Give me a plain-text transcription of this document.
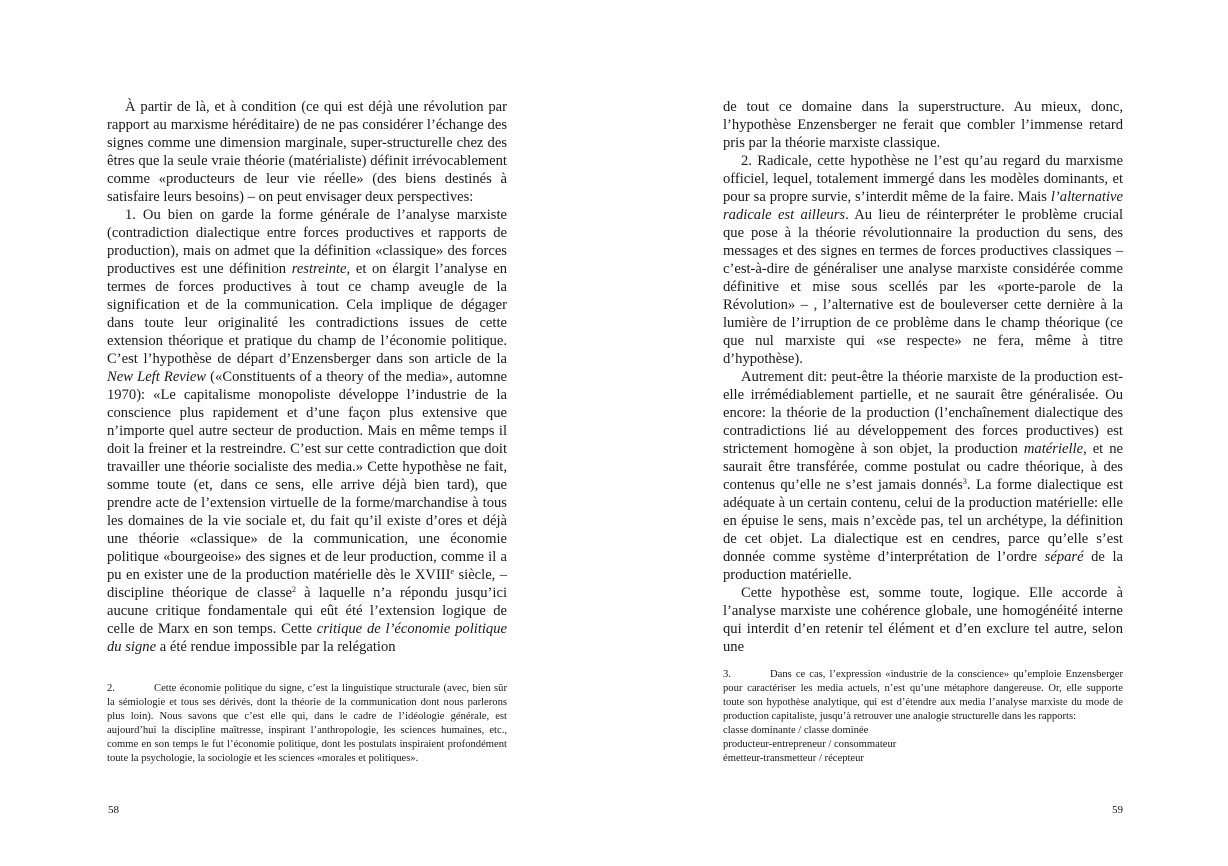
À partir de là, et à condition (ce qui est déjà une révolution par rapport au marxisme héréditaire) de ne pas considérer l’échange des signes comme une dimension marginale, super-structurelle chez des êtres que la seule vraie théorie (matérialiste) définit irrévocablement comme «producteurs de leur vie réelle» (des biens destinés à satisfaire leurs besoins) – on peut envisager deux perspectives:

1. Ou bien on garde la forme générale de l’analyse marxiste (contradiction dialectique entre forces productives et rapports de production), mais on admet que la définition «classique» des forces productives est une définition restreinte, et on élargit l’analyse en termes de forces productives à tout ce champ aveugle de la signification et de la communication. Cela implique de dégager dans toute leur originalité les contradictions issues de cette extension théorique et pratique du champ de l’économie politique. C’est l’hypothèse de départ d’Enzensberger dans son article de la New Left Review («Constituents of a theory of the media», automne 1970): «Le capitalisme monopoliste développe l’industrie de la conscience plus rapidement et d’une façon plus extensive que n’importe quel autre secteur de production. Mais en même temps il doit la freiner et la restreindre. C’est sur cette contradiction que doit travailler une théorie socialiste des media.» Cette hypothèse ne fait, somme toute (et, dans ce sens, elle arrive déjà bien tard), que prendre acte de l’extension virtuelle de la forme/marchandise à tous les domaines de la vie sociale et, du fait qu’il existe d’ores et déjà une théorie «classique» de la communication, une économie politique «bourgeoise» des signes et de leur production, comme il a pu en exister une de la production matérielle dès le XVIIIe siècle, – discipline théorique de classe$^2$ à laquelle n’a répondu jusqu’ici aucune critique fondamentale qui eût été l’extension logique de celle de Marx en son temps. Cette critique de l’économie politique du signe a été rendue impossible par la relégation

2.	Cette économie politique du signe, c’est la linguistique structurale (avec, bien sûr la sémiologie et tous ses dérivés, dont la théorie de la communication dont nous parlerons plus loin). Nous savons que c’est elle qui, dans le cadre de l’idéologie générale, est aujourd’hui la discipline maîtresse, inspirant l’anthropologie, les sciences humaines, etc., comme en son temps le fut l’économie politique, dont les postulats inspiraient profondément toute la psychologie, la sociologie et les sciences «morales et politiques».

58

de tout ce domaine dans la superstructure. Au mieux, donc, l’hypothèse Enzensberger ne ferait que combler l’immense retard pris par la théorie marxiste classique.

2. Radicale, cette hypothèse ne l’est qu’au regard du marxisme officiel, lequel, totalement immergé dans les modèles dominants, et pour sa propre survie, s’interdit même de la faire. Mais l’alternative radicale est ailleurs. Au lieu de réinterpréter le problème crucial que pose à la théorie révolutionnaire la production du sens, des messages et des signes en termes de forces productives classiques – c’est-à-dire de généraliser une analyse marxiste considérée comme définitive et mise sous scellés par les «porte-parole de la Révolution» – , l’alternative est de bouleverser cette dernière à la lumière de l’irruption de ce problème dans le champ théorique (ce que nul marxiste qui «se respecte» ne fera, même à titre d’hypothèse).

Autrement dit: peut-être la théorie marxiste de la production est-elle irrémédiablement partielle, et ne saurait être généralisée. Ou encore: la théorie de la production (l’enchaînement dialectique des contradictions lié au développement des forces productives) est strictement homogène à son objet, la production matérielle, et ne saurait être transférée, comme postulat ou cadre théorique, à des contenus qu’elle ne s’est jamais donnés$^3$. La forme dialectique est adéquate à un certain contenu, celui de la production matérielle: elle en épuise le sens, mais n’excède pas, tel un archétype, la définition de cet objet. La dialectique est en cendres, parce qu’elle s’est donnée comme système d’interprétation de l’ordre séparé de la production matérielle.

Cette hypothèse est, somme toute, logique. Elle accorde à l’analyse marxiste une cohérence globale, une homogénéité interne qui interdit d’en retenir tel élément et d’en exclure tel autre, selon une

3.	Dans ce cas, l’expression «industrie de la conscience» qu’emploie Enzensberger pour caractériser les media actuels, n’est qu’une métaphore dangereuse. Or, elle supporte toute son hypothèse analytique, qui est d’étendre aux media l’analyse marxiste du mode de production capitaliste, jusqu’à retrouver une analogie structurelle dans les rapports:

classe dominante / classe dominée
producteur-entrepreneur / consommateur
émetteur-transmetteur / récepteur
59
